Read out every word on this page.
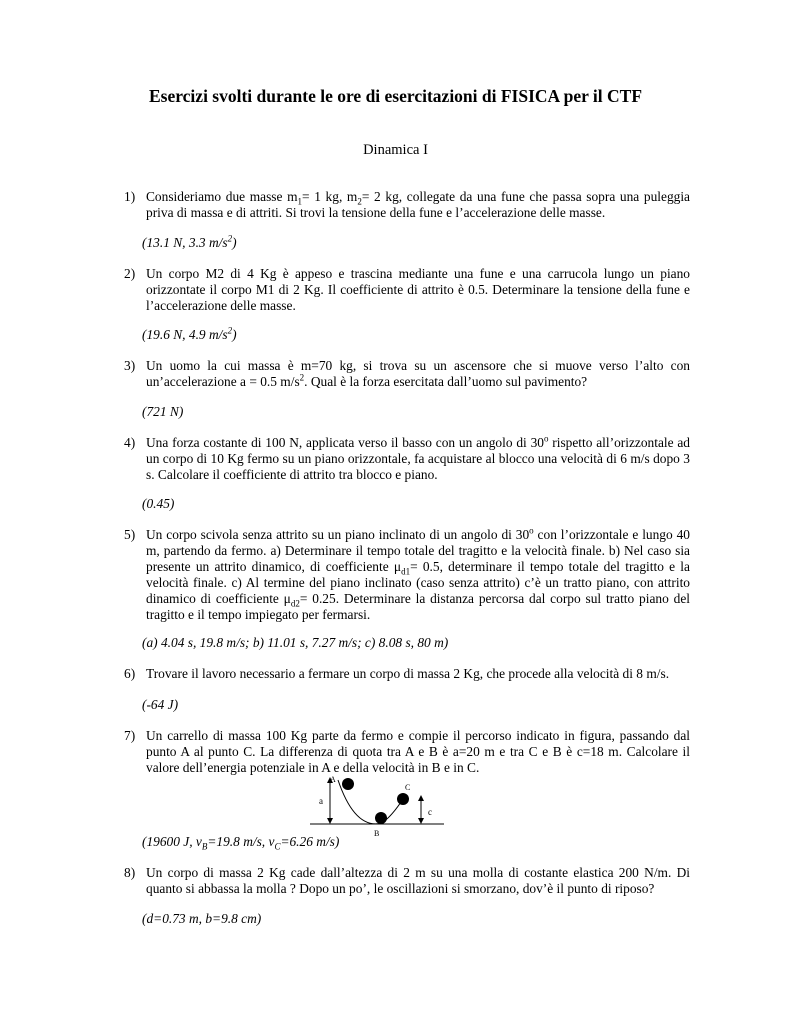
Esercizi svolti durante le ore di esercitazioni di FISICA per il CTF
Dinamica I
1) Consideriamo due masse $m_1= 1$ kg, $m_2= 2$ kg, collegate da una fune che passa sopra una puleggia priva di massa e di attriti. Si trovi la tensione della fune e l’accelerazione delle masse.
(13.1 N, 3.3 $m/s^2$)
2) Un corpo M2 di 4 Kg è appeso e trascina mediante una fune e una carrucola lungo un piano orizzontate il corpo M1 di 2 Kg. Il coefficiente di attrito è 0.5. Determinare la tensione della fune e l’accelerazione delle masse.
(19.6 N, 4.9 $m/s^2$)
3) Un uomo la cui massa è m=70 kg, si trova su un ascensore che si muove verso l’alto con un’accelerazione a = 0.5 $m/s^2$. Qual è la forza esercitata dall’uomo sul pavimento?
(721 N)
4) Una forza costante di 100 N, applicata verso il basso con un angolo di 30$^o$ rispetto all’orizzontale ad un corpo di 10 Kg fermo su un piano orizzontale, fa acquistare al blocco una velocità di 6 m/s dopo 3 s. Calcolare il coefficiente di attrito tra blocco e piano.
(0.45)
5) Un corpo scivola senza attrito su un piano inclinato di un angolo di 30$^o$ con l’orizzontale e lungo 40 m, partendo da fermo. a) Determinare il tempo totale del tragitto e la velocità finale. b) Nel caso sia presente un attrito dinamico, di coefficiente $\mu_{d1}= 0.5$, determinare il tempo totale del tragitto e la velocità finale. c) Al termine del piano inclinato (caso senza attrito) c’è un tratto piano, con attrito dinamico di coefficiente $\mu_{d2}= 0.25$. Determinare la distanza percorsa dal corpo sul tratto piano del tragitto e il tempo impiegato per fermarsi.
(a) 4.04 s, 19.8 m/s; b) 11.01 s, 7.27 m/s; c) 8.08 s, 80 m)
6) Trovare il lavoro necessario a fermare un corpo di massa 2 Kg, che procede alla velocità di 8 m/s.
(-64 J)
7) Un carrello di massa 100 Kg parte da fermo e compie il percorso indicato in figura, passando dal punto A al punto C. La differenza di quota tra A e B è a=20 m e tra C e B è c=18 m. Calcolare il valore dell’energia potenziale in A e della velocità in B e in C.
a
c
A
B
C
(19600 J, $v_B=19.8$ m/s, $v_C=6.26$ m/s)
8) Un corpo di massa 2 Kg cade dall’altezza di 2 m su una molla di costante elastica 200 N/m. Di quanto si abbassa la molla ? Dopo un po’, le oscillazioni si smorzano, dov’è il punto di riposo?
(d=0.73 m, b=9.8 cm)
